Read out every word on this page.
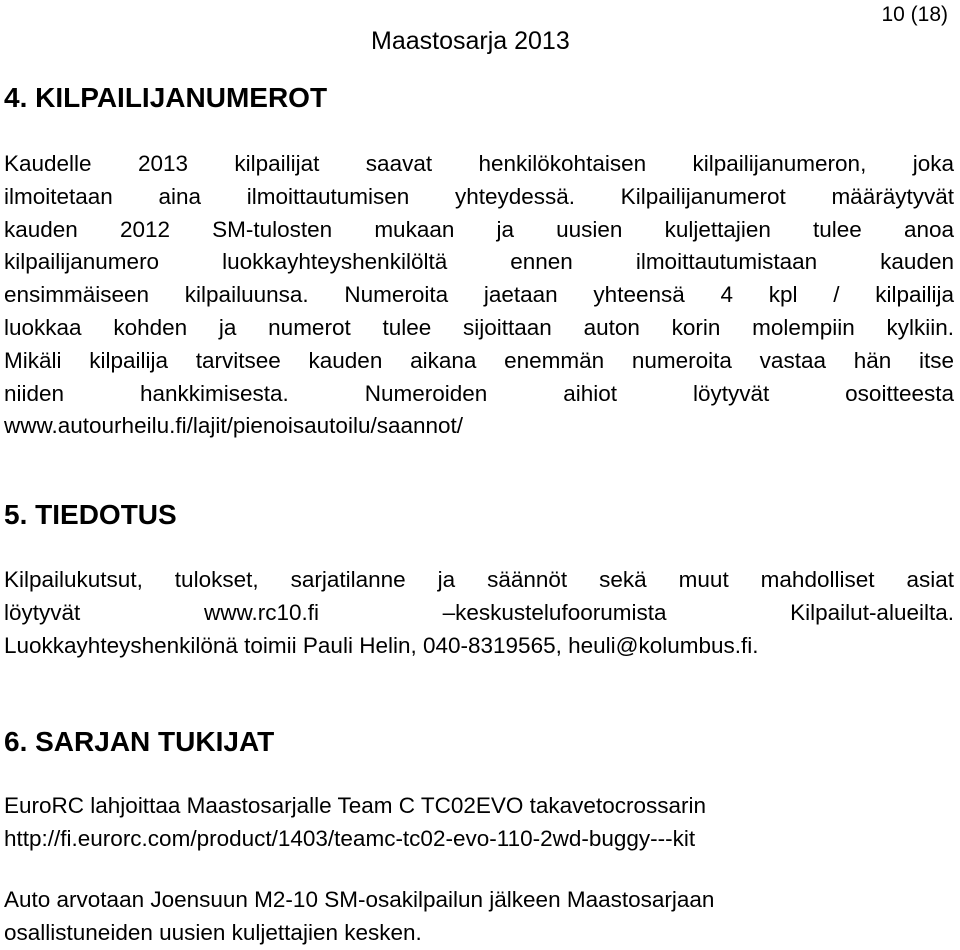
10 (18)
Maastosarja 2013
4. KILPAILIJANUMEROT
Kaudelle 2013 kilpailijat saavat henkilökohtaisen kilpailijanumeron, joka
ilmoitetaan aina ilmoittautumisen yhteydessä. Kilpailijanumerot määräytyvät
kauden 2012 SM-tulosten mukaan ja uusien kuljettajien tulee anoa
kilpailijanumero luokkayhteyshenkilöltä ennen ilmoittautumistaan kauden
ensimmäiseen kilpailuunsa. Numeroita jaetaan yhteensä 4 kpl / kilpailija
luokkaa kohden ja numerot tulee sijoittaan auton korin molempiin kylkiin.
Mikäli kilpailija tarvitsee kauden aikana enemmän numeroita vastaa hän itse
niiden hankkimisesta. Numeroiden aihiot löytyvät osoitteesta
www.autourheilu.fi/lajit/pienoisautoilu/saannot/
5. TIEDOTUS
Kilpailukutsut, tulokset, sarjatilanne ja säännöt sekä muut mahdolliset asiat
löytyvät www.rc10.fi –keskustelufoorumista Kilpailut-alueilta.
Luokkayhteyshenkilönä toimii Pauli Helin, 040-8319565, heuli@kolumbus.fi.
6. SARJAN TUKIJAT
EuroRC lahjoittaa Maastosarjalle Team C TC02EVO takavetocrossarin
http://fi.eurorc.com/product/1403/teamc-tc02-evo-110-2wd-buggy---kit
Auto arvotaan Joensuun M2-10 SM-osakilpailun jälkeen Maastosarjaan
osallistuneiden uusien kuljettajien kesken.
